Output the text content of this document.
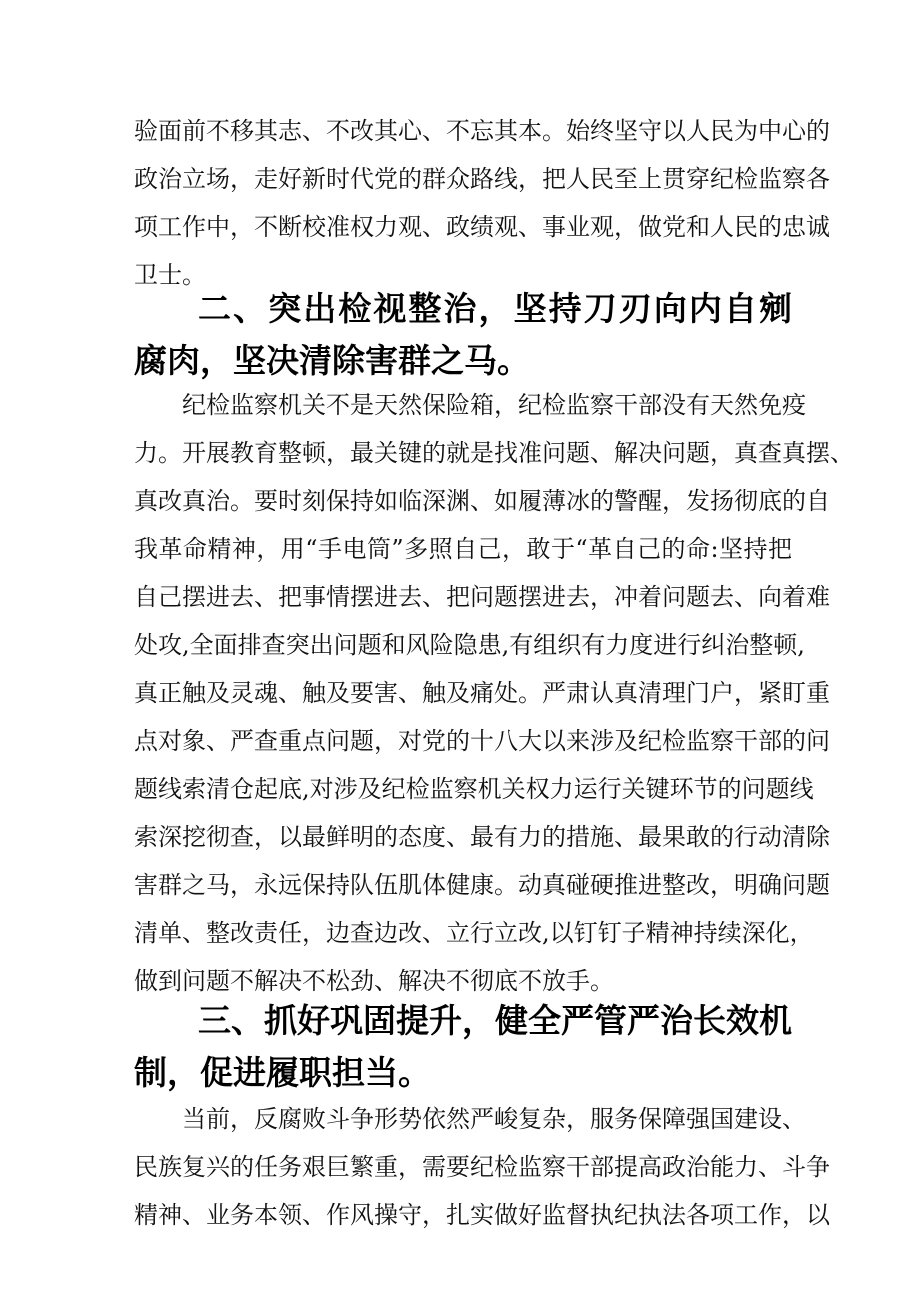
验面前不移其志、不改其心、不忘其本。始终坚守以人民为中心的

政治立场，走好新时代党的群众路线，把人民至上贯穿纪检监察各

项工作中，不断校准权力观、政绩观、事业观，做党和人民的忠诚

卫士。

二、突出检视整治，坚持刀刃向内自剜
腐肉，坚决清除害群之马。

纪检监察机关不是天然保险箱，纪检监察干部没有天然免疫

力。开展教育整顿，最关键的就是找准问题、解决问题，真查真摆、

真改真治。要时刻保持如临深渊、如履薄冰的警醒，发扬彻底的自

我革命精神，用“手电筒”多照自己，敢于“革自己的命:坚持把

自己摆进去、把事情摆进去、把问题摆进去，冲着问题去、向着难

处攻,全面排查突出问题和风险隐患,有组织有力度进行纠治整顿,

真正触及灵魂、触及要害、触及痛处。严肃认真清理门户，紧盯重

点对象、严查重点问题，对党的十八大以来涉及纪检监察干部的问

题线索清仓起底,对涉及纪检监察机关权力运行关键环节的问题线

索深挖彻查，以最鲜明的态度、最有力的措施、最果敢的行动清除

害群之马，永远保持队伍肌体健康。动真碰硬推进整改，明确问题

清单、整改责任，边查边改、立行立改,以钉钉子精神持续深化，

做到问题不解决不松劲、解决不彻底不放手。

三、抓好巩固提升，健全严管严治长效机
制，促进履职担当。

当前，反腐败斗争形势依然严峻复杂，服务保障强国建设、

民族复兴的任务艰巨繁重，需要纪检监察干部提高政治能力、斗争

精神、业务本领、作风操守，扎实做好监督执纪执法各项工作，以
